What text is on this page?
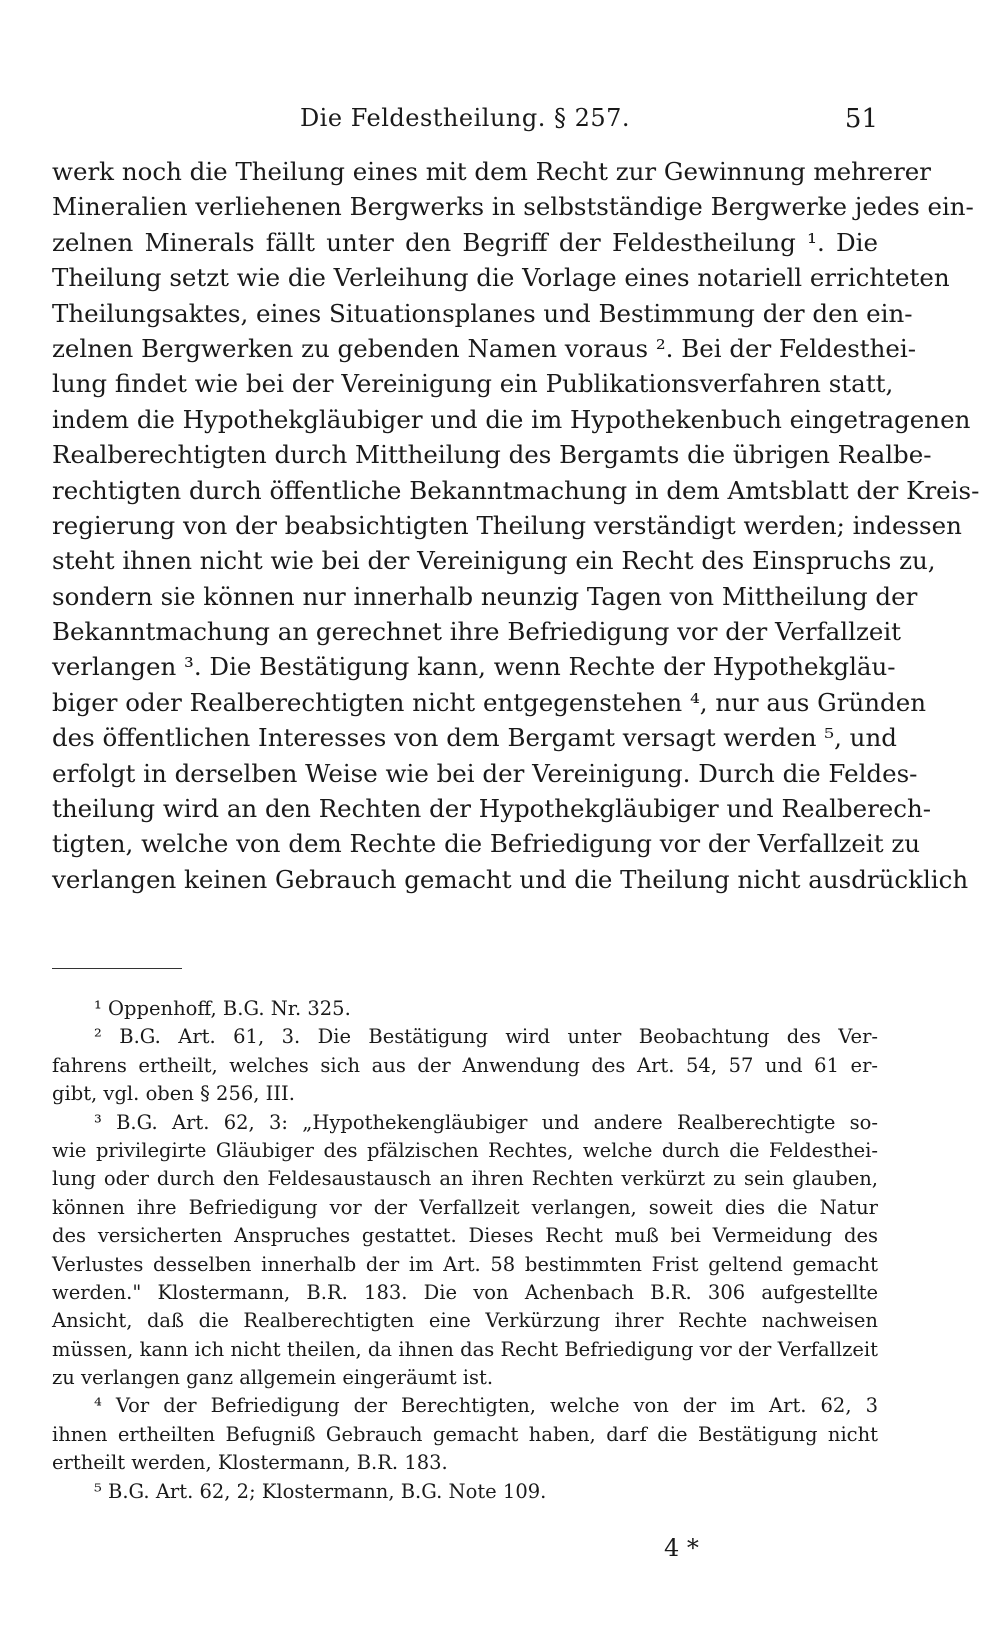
Die Feldestheilung. § 257.	51
werk noch die Theilung eines mit dem Recht zur Gewinnung mehrerer
Mineralien verliehenen Bergwerks in selbstständige Bergwerke jedes ein-
zelnen Minerals fällt unter den Begriff der Feldestheilung ¹. Die
Theilung setzt wie die Verleihung die Vorlage eines notariell errichteten
Theilungsaktes, eines Situationsplanes und Bestimmung der den ein-
zelnen Bergwerken zu gebenden Namen voraus ². Bei der Feldesthei-
lung findet wie bei der Vereinigung ein Publikationsverfahren statt,
indem die Hypothekgläubiger und die im Hypothekenbuch eingetragenen
Realberechtigten durch Mittheilung des Bergamts die übrigen Realbe-
rechtigten durch öffentliche Bekanntmachung in dem Amtsblatt der Kreis-
regierung von der beabsichtigten Theilung verständigt werden; indessen
steht ihnen nicht wie bei der Vereinigung ein Recht des Einspruchs zu,
sondern sie können nur innerhalb neunzig Tagen von Mittheilung der
Bekanntmachung an gerechnet ihre Befriedigung vor der Verfallzeit
verlangen ³. Die Bestätigung kann, wenn Rechte der Hypothekgläu-
biger oder Realberechtigten nicht entgegenstehen ⁴, nur aus Gründen
des öffentlichen Interesses von dem Bergamt versagt werden ⁵, und
erfolgt in derselben Weise wie bei der Vereinigung. Durch die Feldes-
theilung wird an den Rechten der Hypothekgläubiger und Realberech-
tigten, welche von dem Rechte die Befriedigung vor der Verfallzeit zu
verlangen keinen Gebrauch gemacht und die Theilung nicht ausdrücklich
¹ Oppenhoff, B.G. Nr. 325.
² B.G. Art. 61, 3. Die Bestätigung wird unter Beobachtung des Ver-
fahrens ertheilt, welches sich aus der Anwendung des Art. 54, 57 und 61 er-
gibt, vgl. oben § 256, III.
³ B.G. Art. 62, 3: „Hypothekengläubiger und andere Realberechtigte so-
wie privilegirte Gläubiger des pfälzischen Rechtes, welche durch die Feldesthei-
lung oder durch den Feldesaustausch an ihren Rechten verkürzt zu sein glauben,
können ihre Befriedigung vor der Verfallzeit verlangen, soweit dies die Natur
des versicherten Anspruches gestattet. Dieses Recht muß bei Vermeidung des
Verlustes desselben innerhalb der im Art. 58 bestimmten Frist geltend gemacht
werden." Klostermann, B.R. 183. Die von Achenbach B.R. 306 aufgestellte
Ansicht, daß die Realberechtigten eine Verkürzung ihrer Rechte nachweisen
müssen, kann ich nicht theilen, da ihnen das Recht Befriedigung vor der Verfallzeit
zu verlangen ganz allgemein eingeräumt ist.
⁴ Vor der Befriedigung der Berechtigten, welche von der im Art. 62, 3
ihnen ertheilten Befugniß Gebrauch gemacht haben, darf die Bestätigung nicht
ertheilt werden, Klostermann, B.R. 183.
⁵ B.G. Art. 62, 2; Klostermann, B.G. Note 109.
4 *
